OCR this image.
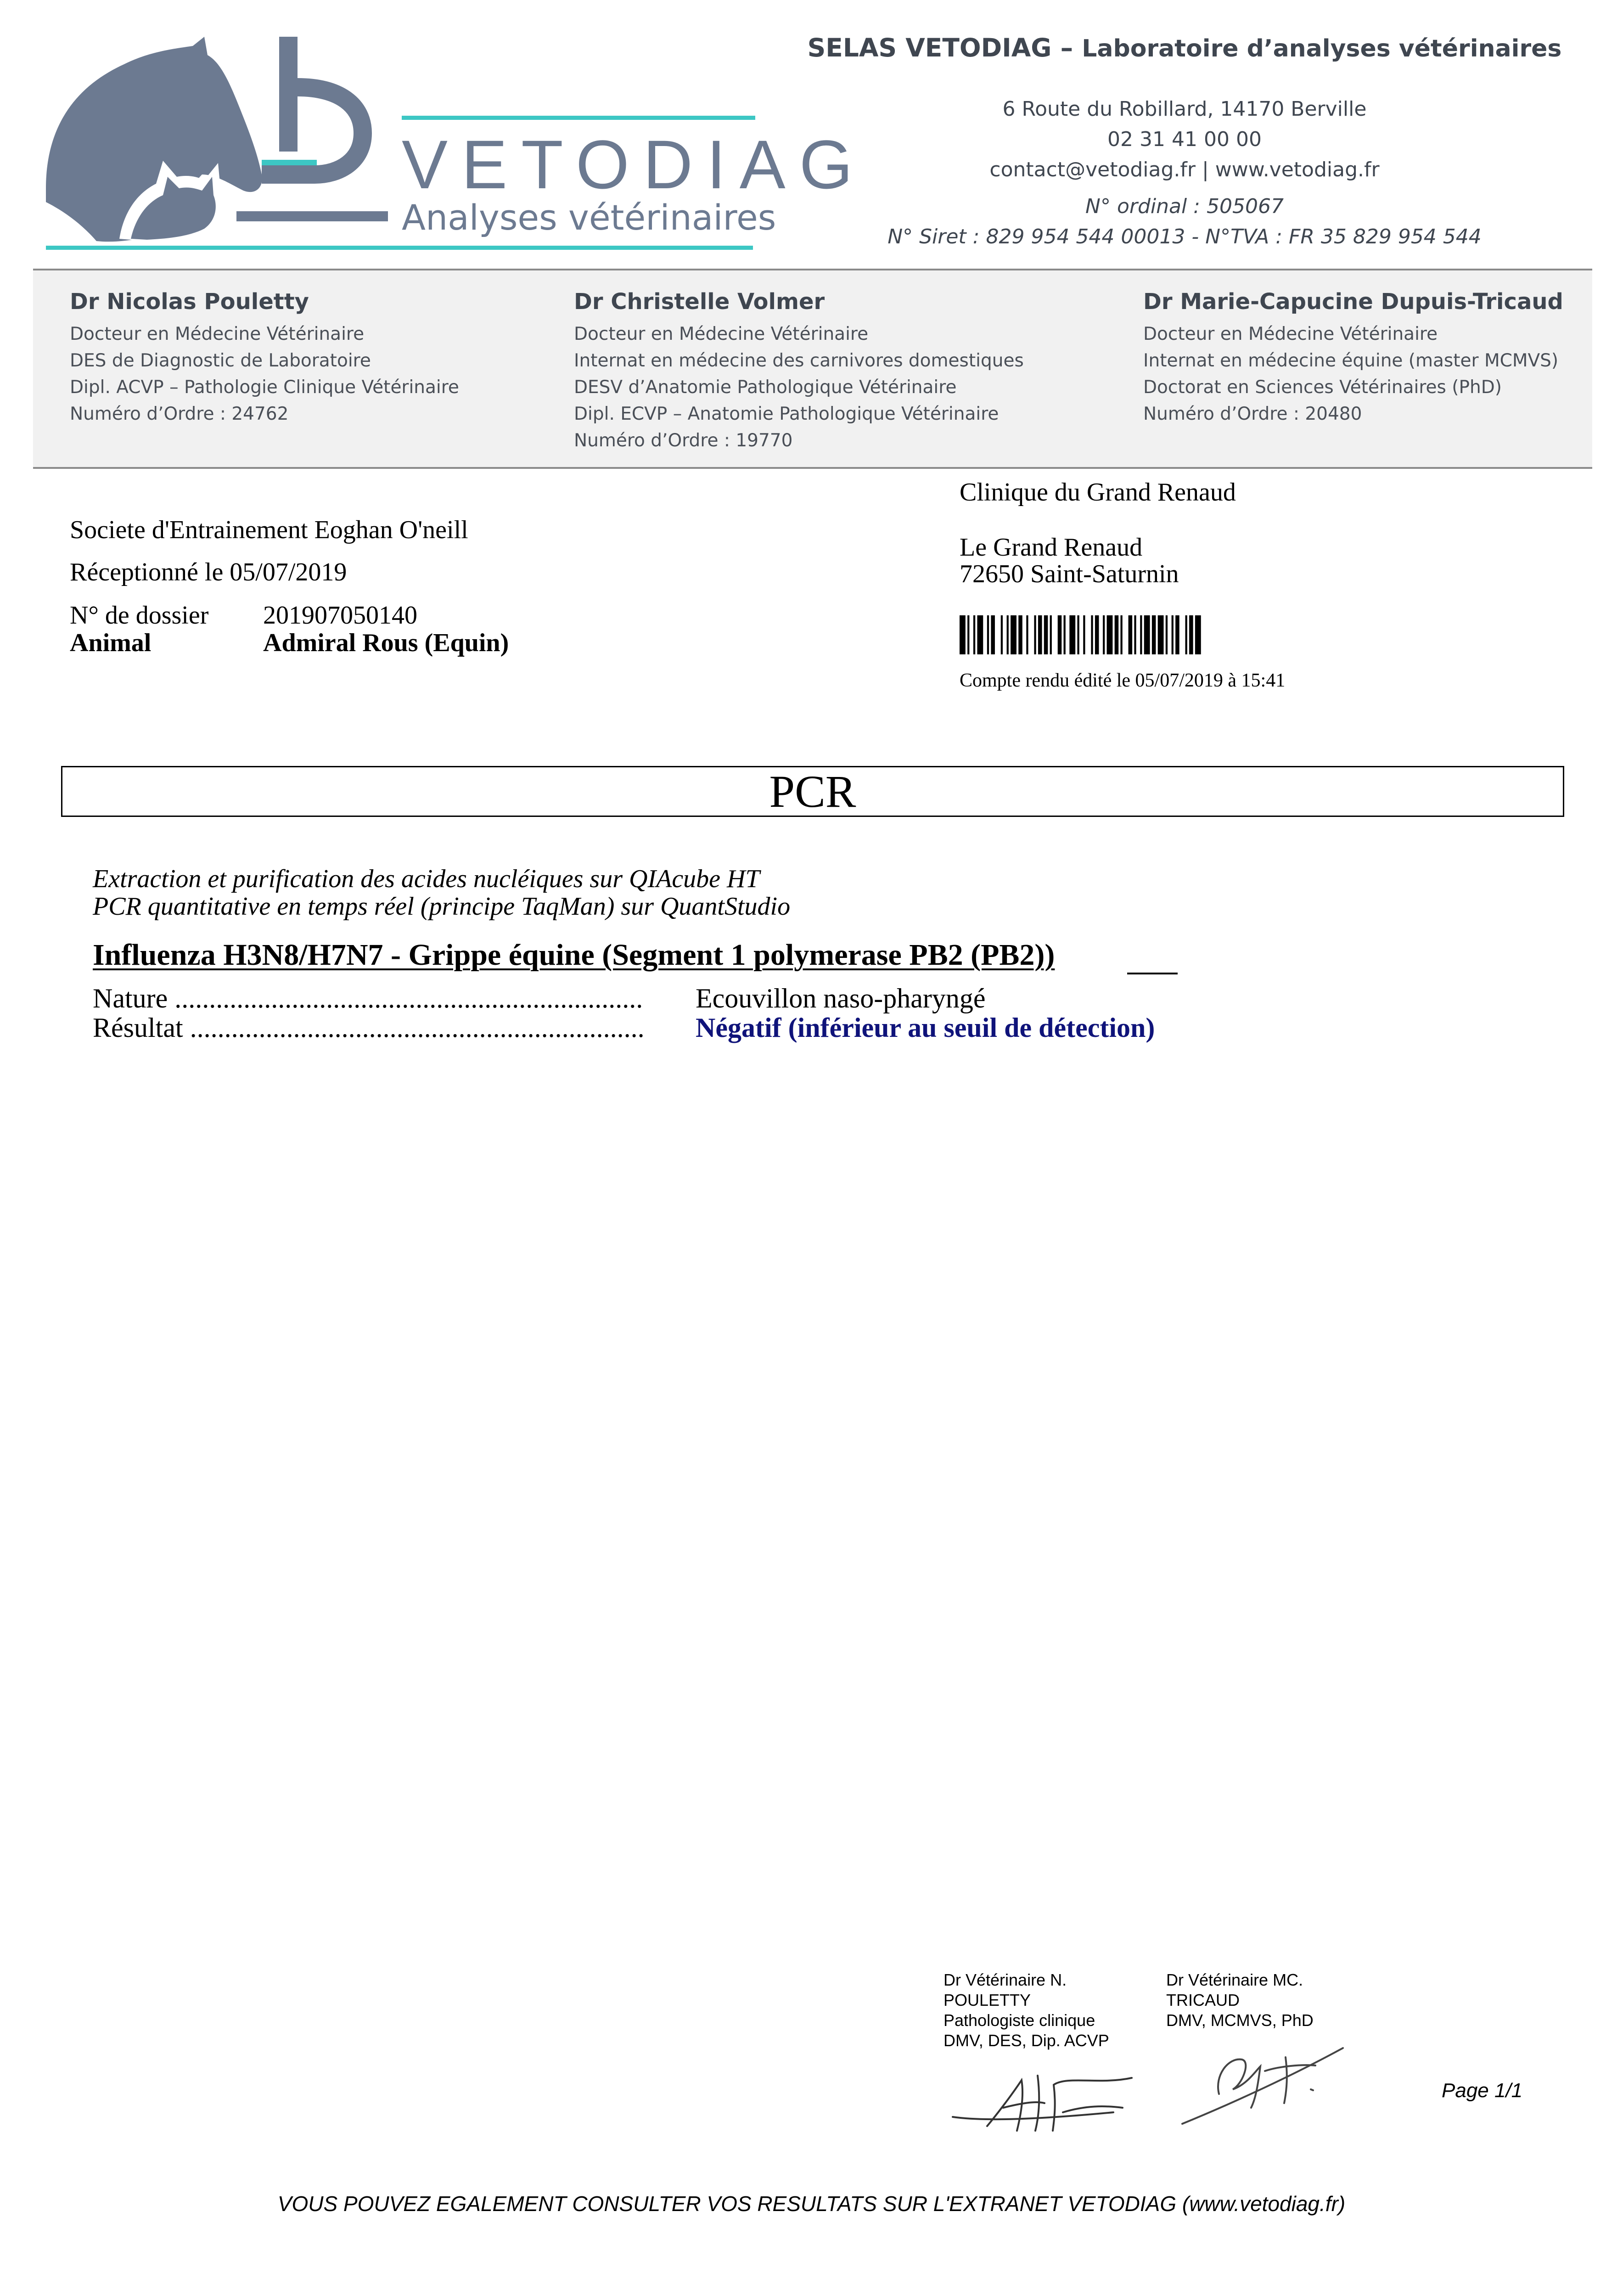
VETODIAG
Analyses vétérinaires
SELAS VETODIAG – Laboratoire d’analyses vétérinaires
6 Route du Robillard, 14170 Berville
02 31 41 00 00
contact@vetodiag.fr | www.vetodiag.fr
N° ordinal : 505067
N° Siret : 829 954 544 00013 - N°TVA : FR 35 829 954 544
Dr Nicolas Pouletty
Docteur en Médecine Vétérinaire
DES de Diagnostic de Laboratoire
Dipl. ACVP – Pathologie Clinique Vétérinaire
Numéro d’Ordre : 24762
Dr Christelle Volmer
Docteur en Médecine Vétérinaire
Internat en médecine des carnivores domestiques
DESV d’Anatomie Pathologique Vétérinaire
Dipl. ECVP – Anatomie Pathologique Vétérinaire
Numéro d’Ordre : 19770
Dr Marie-Capucine Dupuis-Tricaud
Docteur en Médecine Vétérinaire
Internat en médecine équine (master MCMVS)
Doctorat en Sciences Vétérinaires (PhD)
Numéro d’Ordre : 20480
Societe d'Entrainement Eoghan O'neill
Réceptionné le 05/07/2019
N° de dossier 201907050140
Animal	Admiral Rous (Equin)
Clinique du Grand Renaud
Le Grand Renaud
72650 Saint-Saturnin
Compte rendu édité le 05/07/2019 à 15:41
PCR
Extraction et purification des acides nucléiques sur QIAcube HT
PCR quantitative en temps réel (principe TaqMan) sur QuantStudio
Influenza H3N8/H7N7 - Grippe équine (Segment 1 polymerase PB2 (PB2))
Nature .................................................................... Ecouvillon naso-pharyngé
Résultat .................................................................. Négatif (inférieur au seuil de détection)
Dr Vétérinaire N.
POULETTY
Pathologiste clinique
DMV, DES, Dip. ACVP
Dr Vétérinaire MC.
TRICAUD
DMV, MCMVS, PhD
Page 1/1
VOUS POUVEZ EGALEMENT CONSULTER VOS RESULTATS SUR L'EXTRANET VETODIAG (www.vetodiag.fr)
